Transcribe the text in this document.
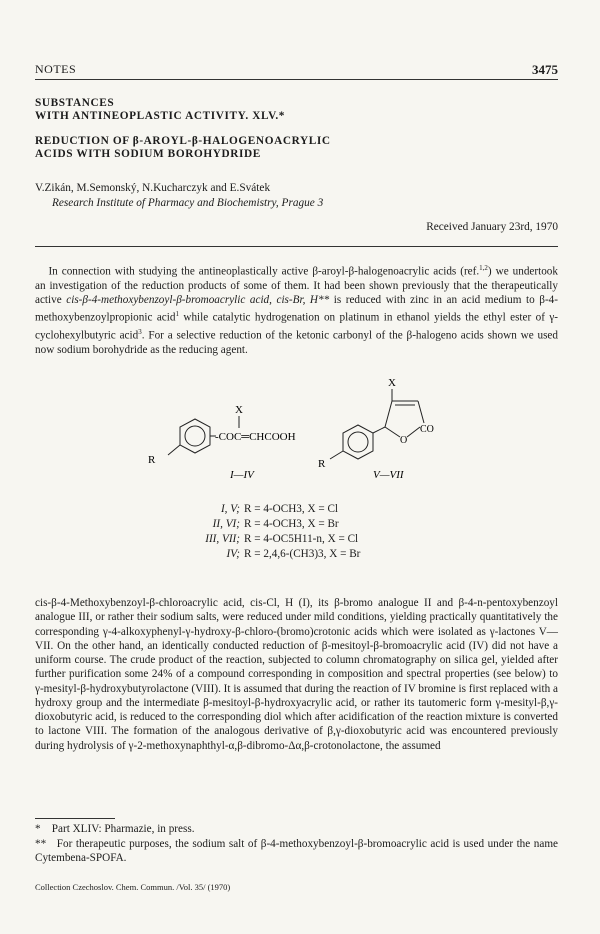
NOTES	3475
SUBSTANCES
WITH ANTINEOPLASTIC ACTIVITY. XLV.*
REDUCTION OF β-AROYL-β-HALOGENOACRYLIC
ACIDS WITH SODIUM BOROHYDRIDE
V.Zikán, M.Semonský, N.Kucharczyk and E.Svátek
Research Institute of Pharmacy and Biochemistry, Prague 3
Received January 23rd, 1970

In connection with studying the antineoplastically active β-aroyl-β-halogenoacrylic acids (ref.$^{1,2}$) we undertook an investigation of the reduction products of some of them. It had been shown previously that the therapeutically active cis-β-4-methoxybenzoyl-β-bromoacrylic acid, cis-Br, H** is reduced with zinc in an acid medium to β-4-methoxybenzoylpropionic acid$^1$ while catalytic hydrogenation on platinum in ethanol yields the ethyl ester of γ-cyclohexylbutyric acid$^3$. For a selective reduction of the ketonic carbonyl of the β-halogeno acids shown we used now sodium borohydride as the reducing agent.

R
-COC═CHCOOH
X
I—IV
R
O
X
CO
V—VII
I, V; R = 4-OCH3, X = Cl
II, VI; R = 4-OCH3, X = Br
III, VII; R = 4-OC5H11-n, X = Cl
IV; R = 2,4,6-(CH3)3, X = Br

cis-β-4-Methoxybenzoyl-β-chloroacrylic acid, cis-Cl, H (I), its β-bromo analogue II and β-4-n-pentoxybenzoyl analogue III, or rather their sodium salts, were reduced under mild conditions, yielding practically quantitatively the corresponding γ-4-alkoxyphenyl-γ-hydroxy-β-chloro-(bromo)crotonic acids which were isolated as γ-lactones V—VII. On the other hand, an identically conducted reduction of β-mesitoyl-β-bromoacrylic acid (IV) did not have a uniform course. The crude product of the reaction, subjected to column chromatography on silica gel, yielded after further purification some 24% of a compound corresponding in composition and spectral properties (see below) to γ-mesityl-β-hydroxybutyrolactone (VIII). It is assumed that during the reaction of IV bromine is first replaced with a hydroxy group and the intermediate β-mesitoyl-β-hydroxyacrylic acid, or rather its tautomeric form γ-mesityl-β,γ-dioxobutyric acid, is reduced to the corresponding diol which after acidification of the reaction mixture is converted to lactone VIII. The formation of the analogous derivative of β,γ-dioxobutyric acid was encountered previously during hydrolysis of γ-2-methoxynaphthyl-α,β-dibromo-Δα,β-crotonolactone, the assumed

* Part XLIV: Pharmazie, in press.
** For therapeutic purposes, the sodium salt of β-4-methoxybenzoyl-β-bromoacrylic acid is used under the name Cytembena-SPOFA.
Collection Czechoslov. Chem. Commun. /Vol. 35/ (1970)
